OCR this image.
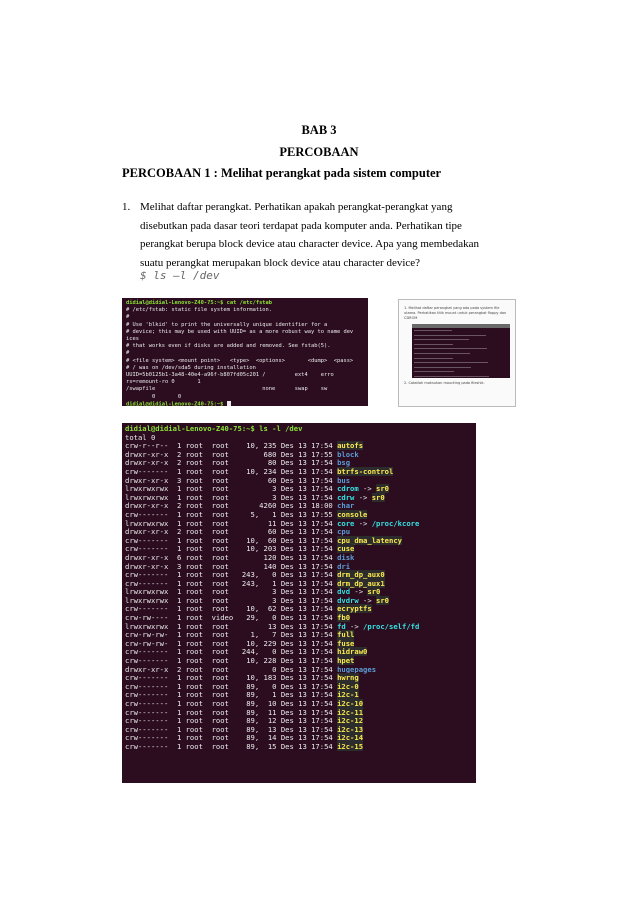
BAB 3
PERCOBAAN
PERCOBAAN 1 : Melihat perangkat pada sistem computer
1. Melihat daftar perangkat. Perhatikan apakah perangkat-perangkat yang disebutkan pada dasar teori terdapat pada komputer anda. Perhatikan tipe perangkat berupa block device atau character device. Apa yang membedakan suatu perangkat merupakan block device atau character device?
$ ls –l /dev
didial@didial-Lenovo-Z40-75:~$ cat /etc/fstab
# /etc/fstab: static file system information.
#
# Use 'blkid' to print the universally unique identifier for a
# device; this may be used with UUID= as a more robust way to name dev
ices
# that works even if disks are added and removed. See fstab(5).
#
# <file system> <mount point>   <type>  <options>       <dump>  <pass>
# / was on /dev/sda5 during installation
UUID=5b0125b1-3a48-40e4-a96f-b807fd05c201 /         ext4    erro
rs=remount-ro 0       1
/swapfile                                 none      swap    sw
0       0
didial@didial-Lenovo-Z40-75:~$
1. Melihat daftar perangkat yang ada pada system file utama. Perhatikan titik mount untuk perangkat floppy dan CDROM
2. Catatlah maksukan mounting pada fileshik.
didial@didial-Lenovo-Z40-75:~$ ls -l /dev
total 0
crw-r--r-- 1 root root 10, 235 Des 13 17:54 autofs
drwxr-xr-x 2 root root	680 Des 13 17:55 block
drwxr-xr-x 2 root root	80 Des 13 17:54 bsg
crw------- 1 root root 10, 234 Des 13 17:54 btrfs-control
drwxr-xr-x 3 root root	60 Des 13 17:54 bus
lrwxrwxrwx 1 root root	3 Des 13 17:54 cdrom -> sr0
lrwxrwxrwx 1 root root	3 Des 13 17:54 cdrw -> sr0
drwxr-xr-x 2 root root	4260 Des 13 18:00 char
crw------- 1 root root	5,   1 Des 13 17:55 console
lrwxrwxrwx 1 root root	11 Des 13 17:54 core -> /proc/kcore
drwxr-xr-x 2 root root	60 Des 13 17:54 cpu
crw------- 1 root root 10,  60 Des 13 17:54 cpu_dma_latency
crw------- 1 root root 10, 203 Des 13 17:54 cuse
drwxr-xr-x 6 root root	120 Des 13 17:54 disk
drwxr-xr-x 3 root root	140 Des 13 17:54 dri
crw------- 1 root root 243,   0 Des 13 17:54 drm_dp_aux0
crw------- 1 root root 243,   1 Des 13 17:54 drm_dp_aux1
lrwxrwxrwx 1 root root	3 Des 13 17:54 dvd -> sr0
lrwxrwxrwx 1 root root	3 Des 13 17:54 dvdrw -> sr0
crw------- 1 root root 10,  62 Des 13 17:54 ecryptfs
crw-rw---- 1 root video 29,   0 Des 13 17:54 fb0
lrwxrwxrwx 1 root root	13 Des 13 17:54 fd -> /proc/self/fd
crw-rw-rw- 1 root root	1,   7 Des 13 17:54 full
crw-rw-rw- 1 root root 10, 229 Des 13 17:54 fuse
crw------- 1 root root 244,   0 Des 13 17:54 hidraw0
crw------- 1 root root 10, 228 Des 13 17:54 hpet
drwxr-xr-x 2 root root	0 Des 13 17:54 hugepages
crw------- 1 root root 10, 183 Des 13 17:54 hwrng
crw------- 1 root root 89,   0 Des 13 17:54 i2c-0
crw------- 1 root root 89,   1 Des 13 17:54 i2c-1
crw------- 1 root root 89,  10 Des 13 17:54 i2c-10
crw------- 1 root root 89,  11 Des 13 17:54 i2c-11
crw------- 1 root root 89,  12 Des 13 17:54 i2c-12
crw------- 1 root root 89,  13 Des 13 17:54 i2c-13
crw------- 1 root root 89,  14 Des 13 17:54 i2c-14
crw------- 1 root root 89,  15 Des 13 17:54 i2c-15
